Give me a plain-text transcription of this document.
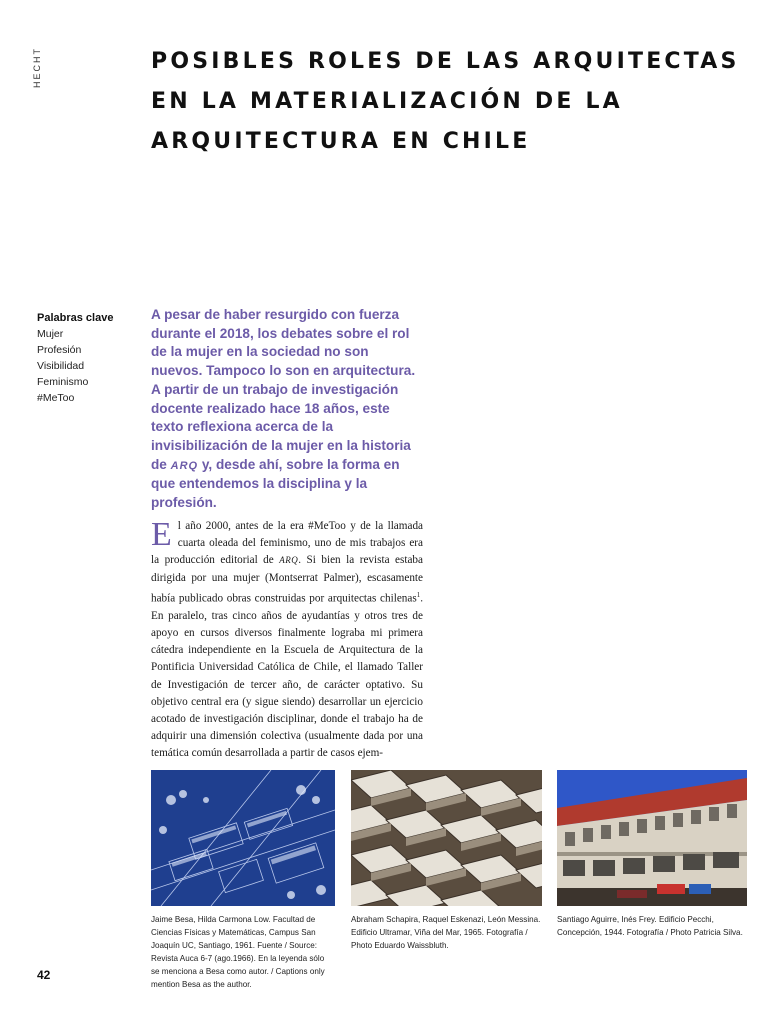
HECHT	POSIBLES ROLES DE LAS ARQUITECTAS EN LA MATERIALIZACIÓN DE LA ARQUITECTURA EN CHILE
Palabras clave
Mujer
Profesión
Visibilidad
Feminismo
#MeToo

A pesar de haber resurgido con fuerza durante el 2018, los debates sobre el rol de la mujer en la sociedad no son nuevos. Tampoco lo son en arquitectura. A partir de un trabajo de investigación docente realizado hace 18 años, este texto reflexiona acerca de la invisibilización de la mujer en la historia de ARQ y, desde ahí, sobre la forma en que entendemos la disciplina y la profesión.

El año 2000, antes de la era #MeToo y de la llamada cuarta oleada del feminismo, uno de mis trabajos era la producción editorial de ARQ. Si bien la revista estaba dirigida por una mujer (Montserrat Palmer), escasamente había publicado obras construidas por arquitectas chilenas$^1$. En paralelo, tras cinco años de ayudantías y otros tres de apoyo en cursos diversos finalmente lograba mi primera cátedra independiente en la Escuela de Arquitectura de la Pontificia Universidad Católica de Chile, el llamado Taller de Investigación de tercer año, de carácter optativo. Su objetivo central era (y sigue siendo) desarrollar un ejercicio acotado de investigación disciplinar, donde el trabajo ha de adquirir una dimensión colectiva (usualmente dada por una temática común desarrollada a partir de casos ejem-

Jaime Besa, Hilda Carmona Low. Facultad de Ciencias Físicas y Matemáticas, Campus San Joaquín UC, Santiago, 1961. Fuente / Source: Revista Auca 6-7 (ago.1966). En la leyenda sólo se menciona a Besa como autor. / Captions only mention Besa as the author.

Abraham Schapira, Raquel Eskenazi, León Messina. Edificio Ultramar, Viña del Mar, 1965. Fotografía / Photo Eduardo Waissbluth.

Santiago Aguirre, Inés Frey. Edificio Pecchi, Concepción, 1944. Fotografía / Photo Patricia Silva.

42
